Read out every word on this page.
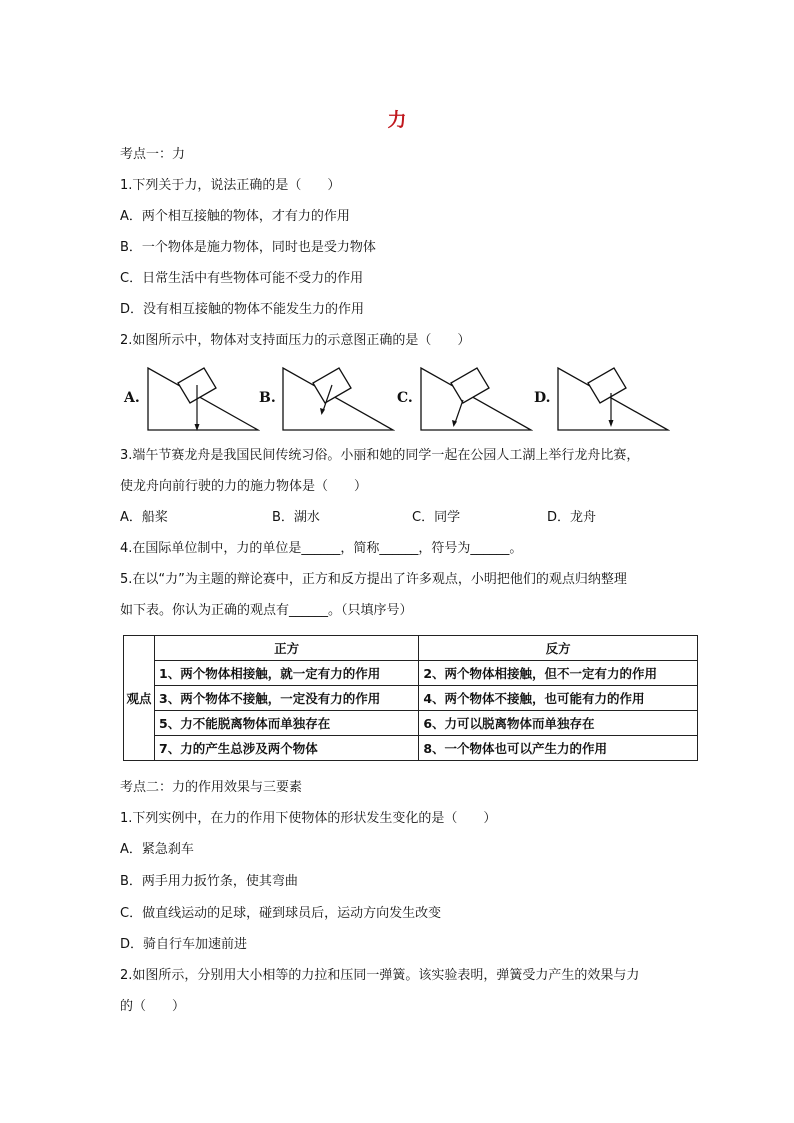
力
考点一：力
1.下列关于力，说法正确的是（　　）
A．两个相互接触的物体，才有力的作用
B．一个物体是施力物体，同时也是受力物体
C．日常生活中有些物体可能不受力的作用
D．没有相互接触的物体不能发生力的作用
2.如图所示中，物体对支持面压力的示意图正确的是（　　）
A.	B.	C.	D.
3.端午节赛龙舟是我国民间传统习俗。小丽和她的同学一起在公园人工湖上举行龙舟比赛，
使龙舟向前行驶的力的施力物体是（　　）
A．船桨	B．湖水	C．同学	D．龙舟
4.在国际单位制中，力的单位是______，简称______，符号为______。
5.在以“力”为主题的辩论赛中，正方和反方提出了许多观点，小明把他们的观点归纳整理
如下表。你认为正确的观点有______。（只填序号）
观点	正方	反方
	1、两个物体相接触，就一定有力的作用	2、两个物体相接触，但不一定有力的作用
	3、两个物体不接触，一定没有力的作用	4、两个物体不接触，也可能有力的作用
	5、力不能脱离物体而单独存在	6、力可以脱离物体而单独存在
	7、力的产生总涉及两个物体	8、一个物体也可以产生力的作用
考点二：力的作用效果与三要素
1.下列实例中，在力的作用下使物体的形状发生变化的是（　　）
A．紧急刹车
B．两手用力扳竹条，使其弯曲
C．做直线运动的足球，碰到球员后，运动方向发生改变
D．骑自行车加速前进
2.如图所示，分别用大小相等的力拉和压同一弹簧。该实验表明，弹簧受力产生的效果与力
的（　　）
